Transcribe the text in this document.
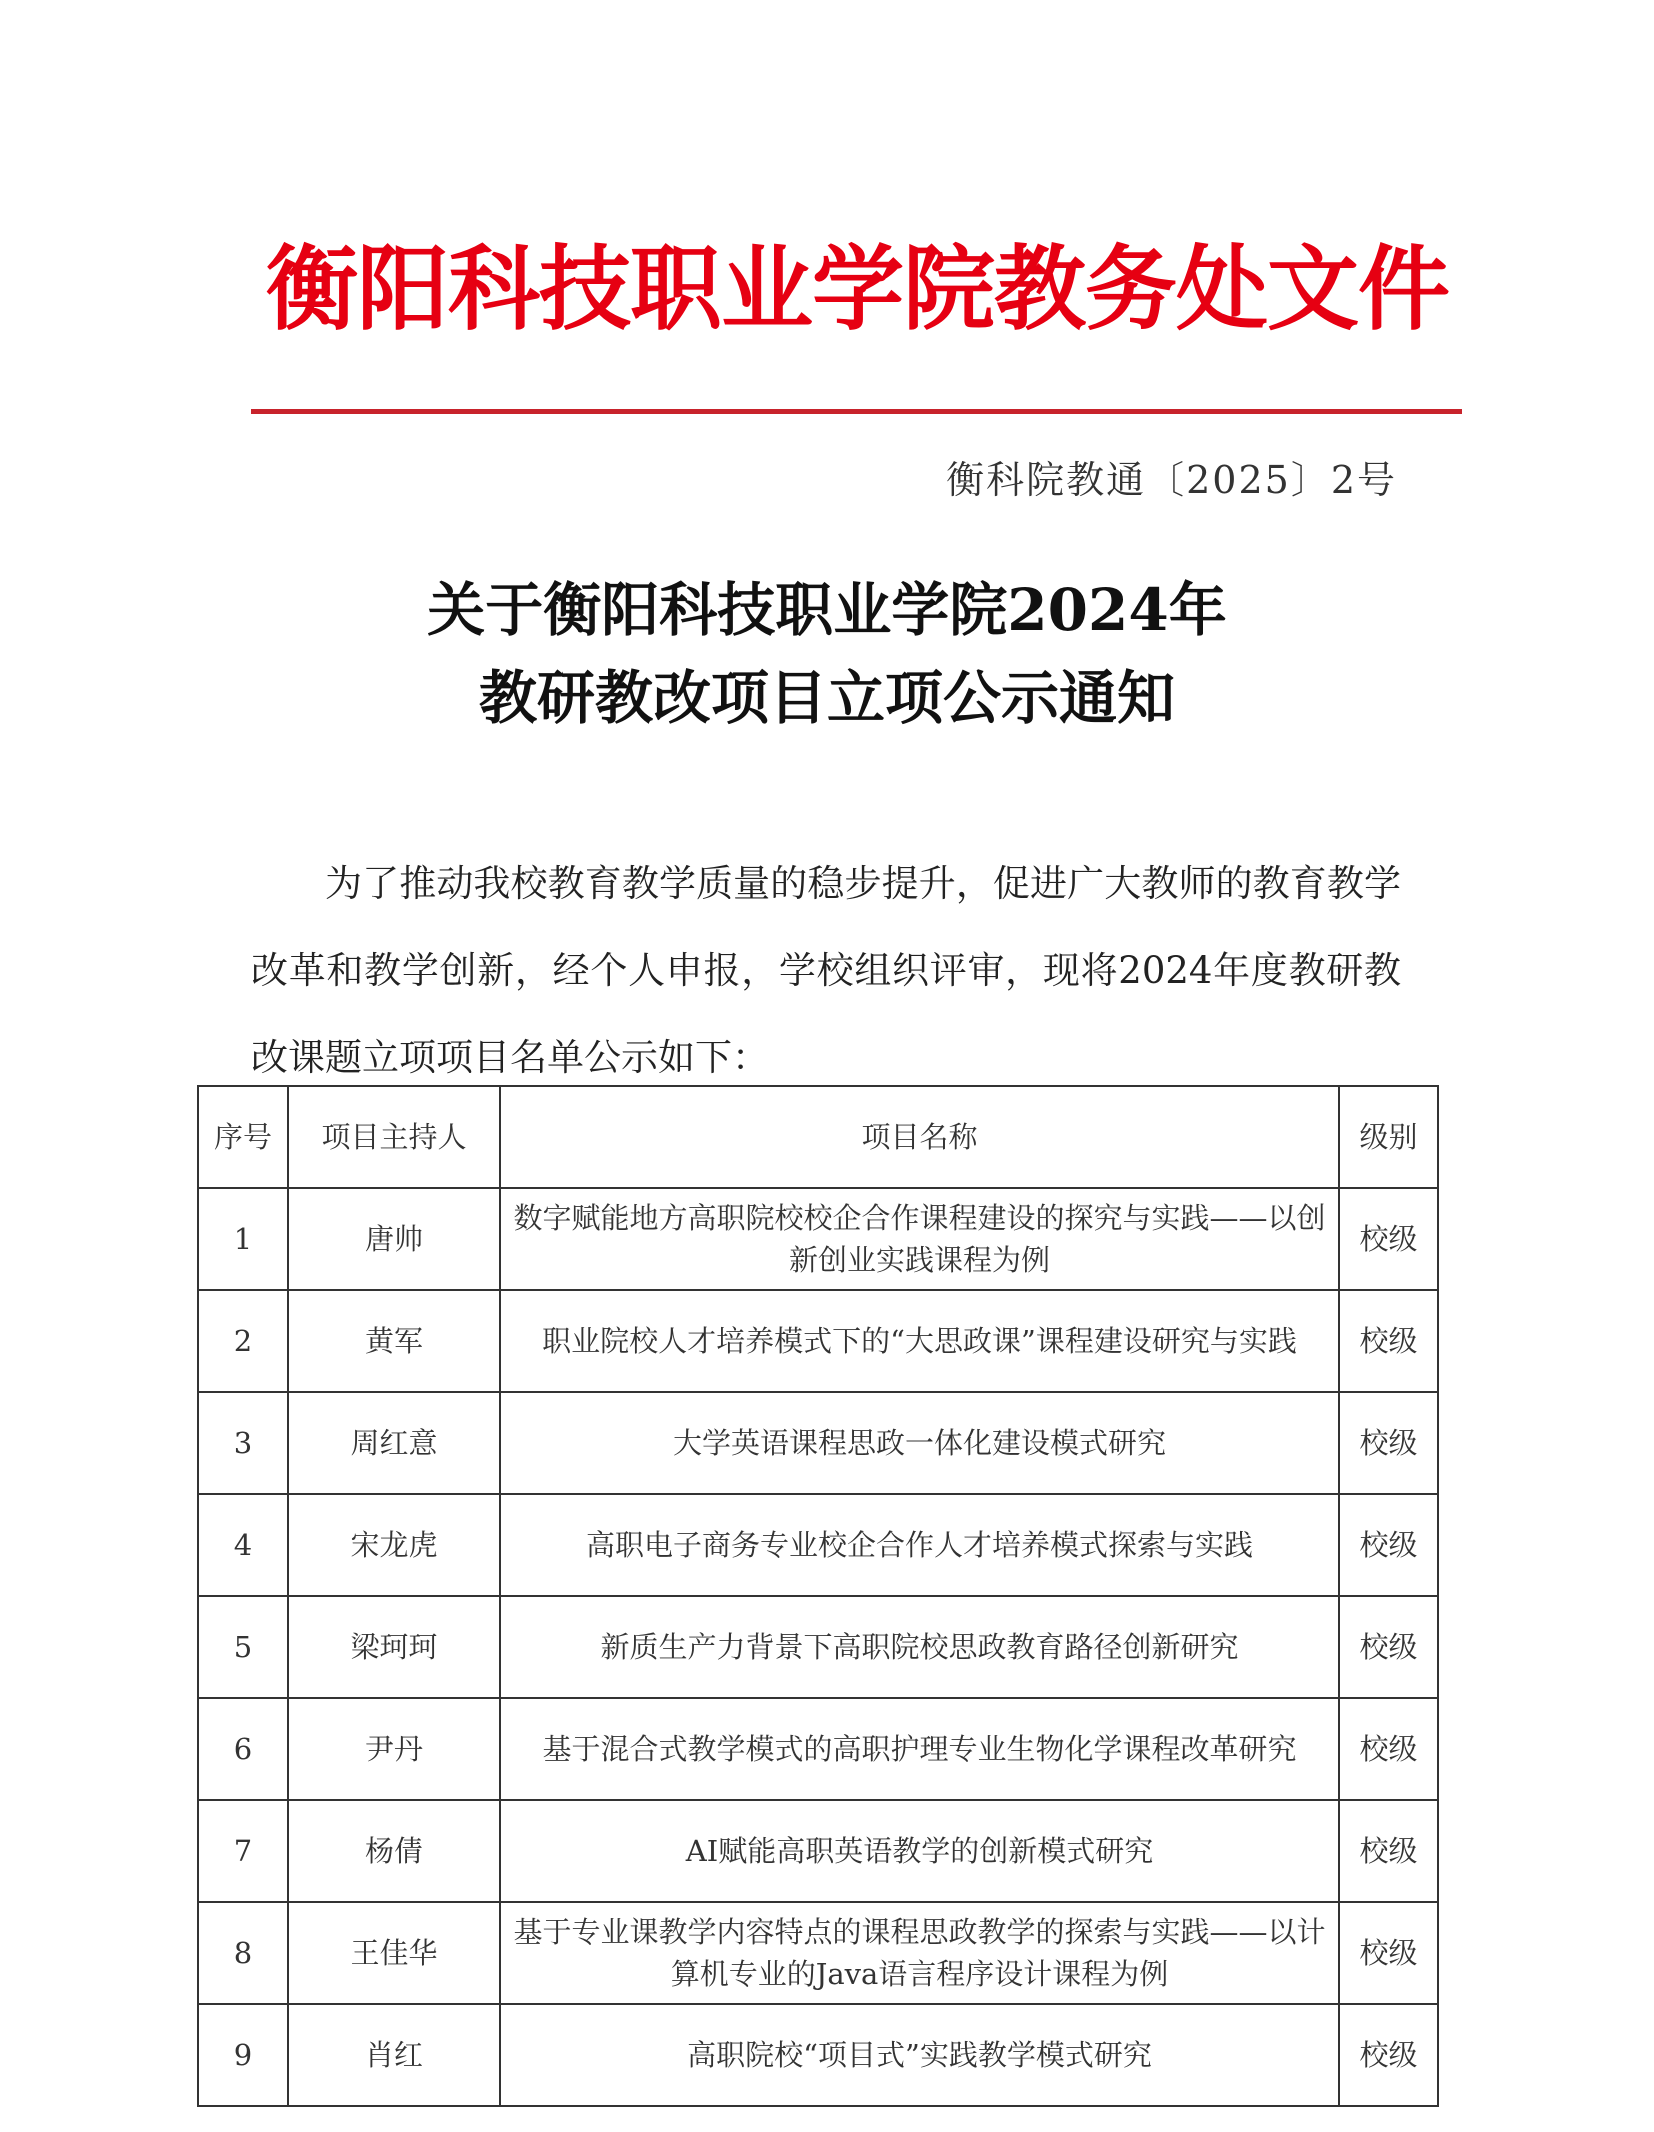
衡阳科技职业学院教务处文件
衡科院教通〔2025〕2号
关于衡阳科技职业学院2024年
教研教改项目立项公示通知
为了推动我校教育教学质量的稳步提升，促进广大教师的教育教学改革和教学创新，经个人申报，学校组织评审，现将2024年度教研教改课题立项项目名单公示如下：
序号	项目主持人	项目名称	级别
1	唐帅	数字赋能地方高职院校校企合作课程建设的探究与实践——以创新创业实践课程为例	校级
2	黄军	职业院校人才培养模式下的“大思政课”课程建设研究与实践	校级
3	周红意	大学英语课程思政一体化建设模式研究	校级
4	宋龙虎	高职电子商务专业校企合作人才培养模式探索与实践	校级
5	梁珂珂	新质生产力背景下高职院校思政教育路径创新研究	校级
6	尹丹	基于混合式教学模式的高职护理专业生物化学课程改革研究	校级
7	杨倩	AI赋能高职英语教学的创新模式研究	校级
8	王佳华	基于专业课教学内容特点的课程思政教学的探索与实践——以计算机专业的Java语言程序设计课程为例	校级
9	肖红	高职院校“项目式”实践教学模式研究	校级
